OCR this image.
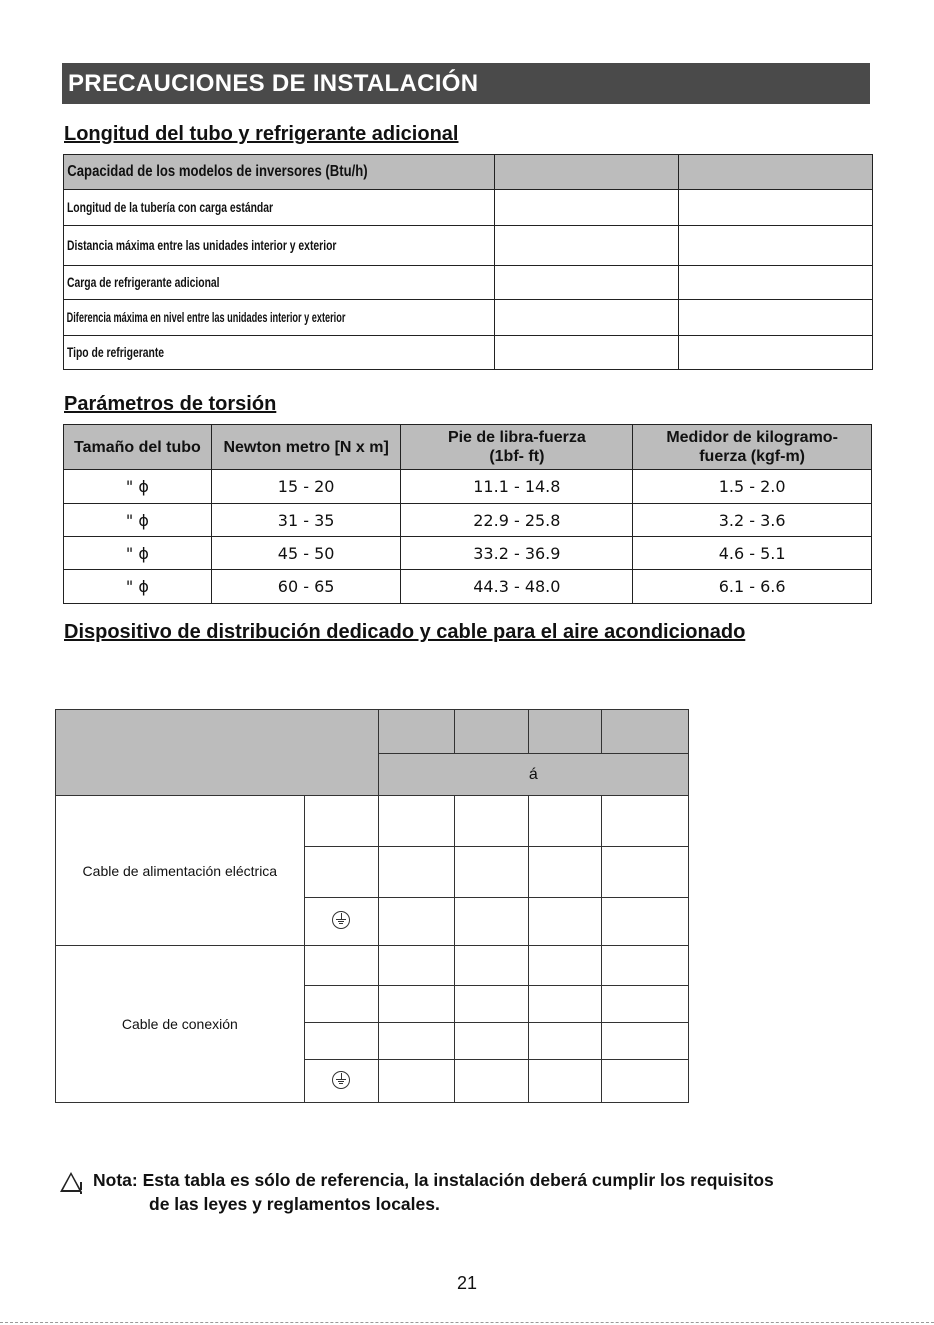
PRECAUCIONES DE INSTALACIÓN
Longitud del tubo y refrigerante adicional
Capacidad de los modelos de inversores (Btu/h)		
Longitud de la tubería con carga estándar		
Distancia máxima entre las unidades interior y exterior		
Carga de refrigerante adicional		
Diferencia máxima en nivel entre las unidades interior y exterior		
Tipo de refrigerante		
Parámetros de torsión
Tamaño del tubo	Newton metro [N x m]	Pie de libra-fuerza (1bf- ft)	Medidor de kilogramo-fuerza (kgf-m)
" ϕ	15 - 20	11.1 - 14.8	1.5 - 2.0
" ϕ	31 - 35	22.9 - 25.8	3.2 - 3.6
" ϕ	45 - 50	33.2 - 36.9	4.6 - 5.1
" ϕ	60 - 65	44.3 - 48.0	6.1 - 6.6
Dispositivo de distribución dedicado y cable para el aire acondicionado

		á			
Cable de alimentación eléctrica					

Cable de conexión					

Nota: Esta tabla es sólo de referencia, la instalación deberá cumplir los requisitos
de las leyes y reglamentos locales.
21
